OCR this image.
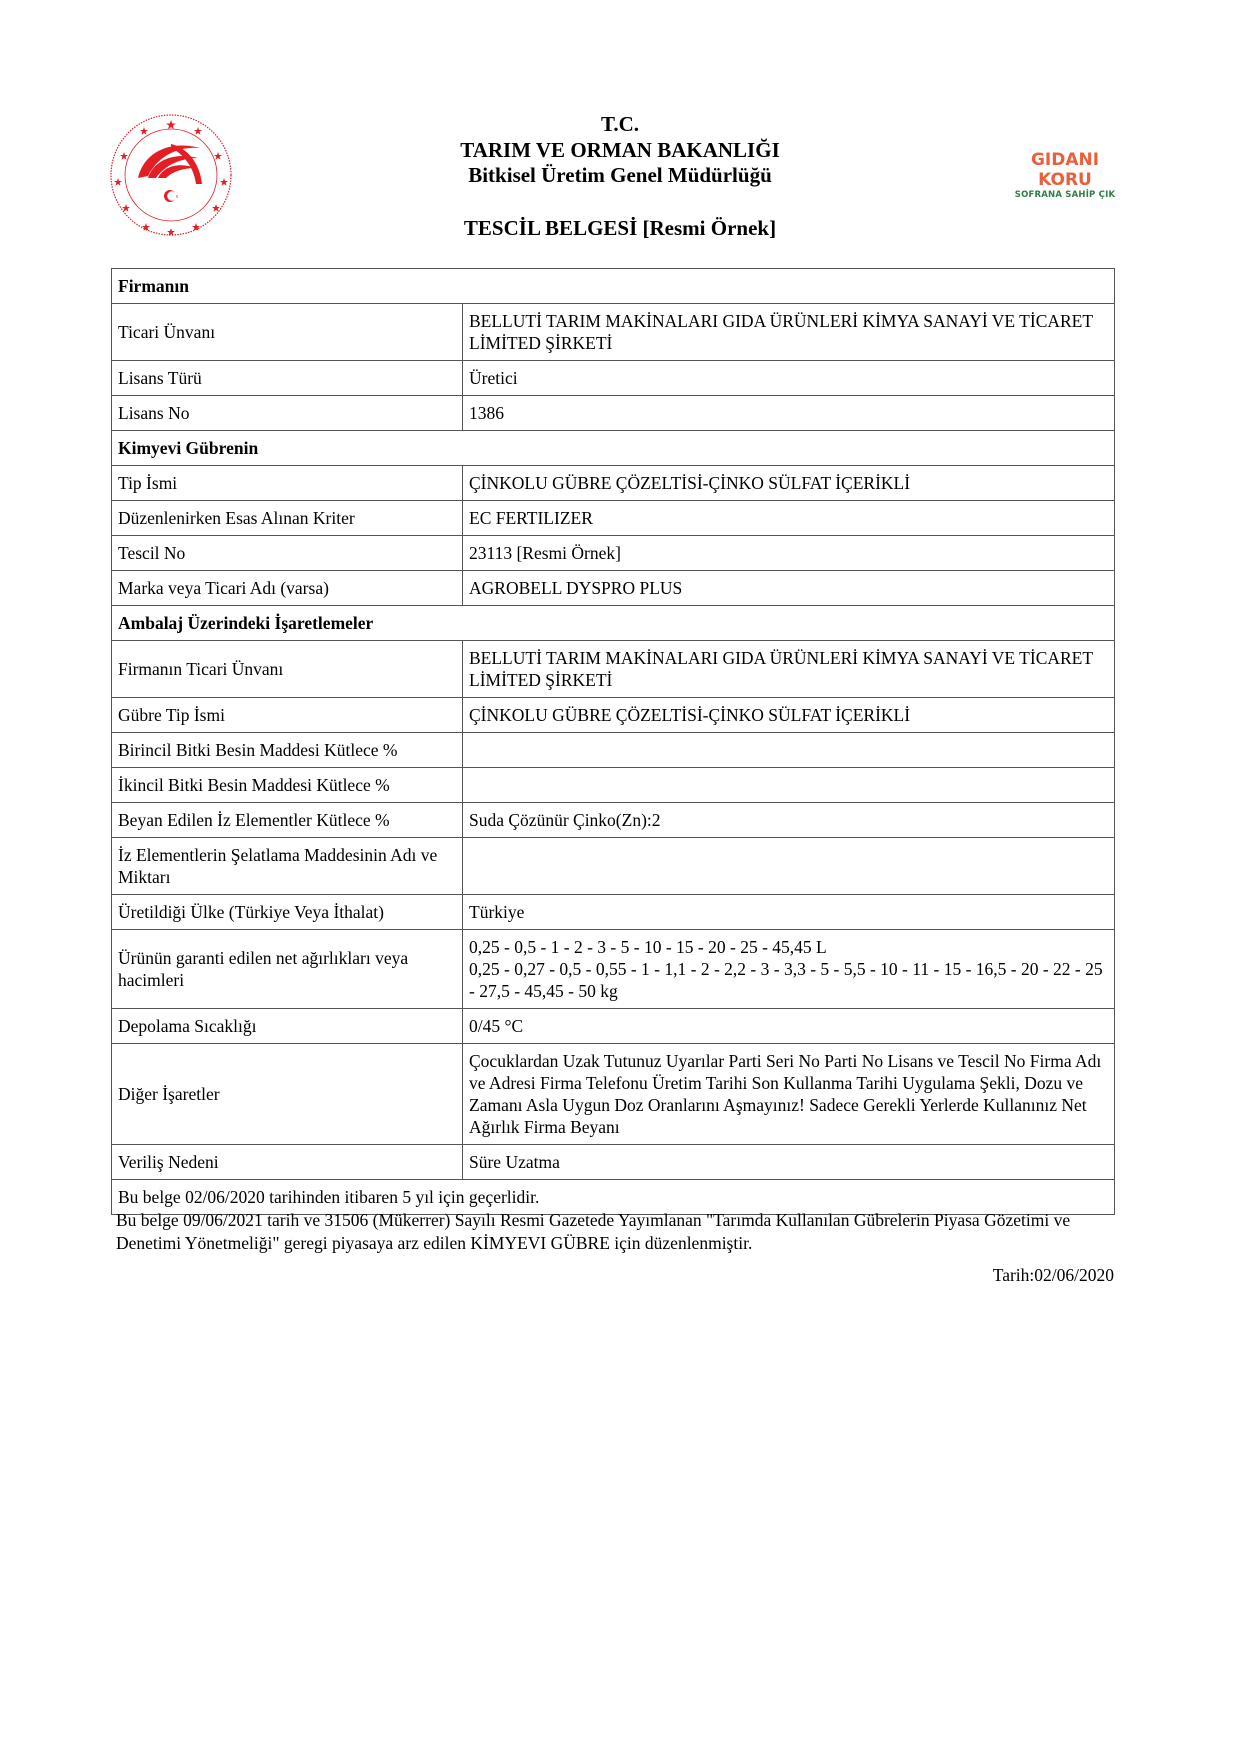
GIDANI KORU
SOFRANA SAHİP ÇIK
T.C.
TARIM VE ORMAN BAKANLIĞI
Bitkisel Üretim Genel Müdürlüğü
TESCİL BELGESİ [Resmi Örnek]
Firmanın	
Ticari Ünvanı	BELLUTİ TARIM MAKİNALARI GIDA ÜRÜNLERİ KİMYA SANAYİ VE TİCARET LİMİTED ŞİRKETİ
Lisans Türü	Üretici
Lisans No	1386
Kimyevi Gübrenin	
Tip İsmi	ÇİNKOLU GÜBRE ÇÖZELTİSİ-ÇİNKO SÜLFAT İÇERİKLİ
Düzenlenirken Esas Alınan Kriter	EC FERTILIZER
Tescil No	23113 [Resmi Örnek]
Marka veya Ticari Adı (varsa)	AGROBELL DYSPRO PLUS
Ambalaj Üzerindeki İşaretlemeler	
Firmanın Ticari Ünvanı	BELLUTİ TARIM MAKİNALARI GIDA ÜRÜNLERİ KİMYA SANAYİ VE TİCARET LİMİTED ŞİRKETİ
Gübre Tip İsmi	ÇİNKOLU GÜBRE ÇÖZELTİSİ-ÇİNKO SÜLFAT İÇERİKLİ
Birincil Bitki Besin Maddesi Kütlece %	
İkincil Bitki Besin Maddesi Kütlece %	
Beyan Edilen İz Elementler Kütlece %	Suda Çözünür Çinko(Zn):2
İz Elementlerin Şelatlama Maddesinin Adı ve Miktarı	
Üretildiği Ülke (Türkiye Veya İthalat)	Türkiye
Ürünün garanti edilen net ağırlıkları veya hacimleri	0,25 - 0,5 - 1 - 2 - 3 - 5 - 10 - 15 - 20 - 25 - 45,45 L
0,25 - 0,27 - 0,5 - 0,55 - 1 - 1,1 - 2 - 2,2 - 3 - 3,3 - 5 - 5,5 - 10 - 11 - 15 - 16,5 - 20 - 22 - 25 - 27,5 - 45,45 - 50 kg

Depolama Sıcaklığı	0/45 °C
Diğer İşaretler	Çocuklardan Uzak Tutunuz Uyarılar Parti Seri No Parti No Lisans ve Tescil No Firma Adı ve Adresi Firma Telefonu Üretim Tarihi Son Kullanma Tarihi Uygulama Şekli, Dozu ve Zamanı Asla Uygun Doz Oranlarını Aşmayınız! Sadece Gerekli Yerlerde Kullanınız Net Ağırlık Firma Beyanı
Veriliş Nedeni	Süre Uzatma
Bu belge 02/06/2020 tarihinden itibaren 5 yıl için geçerlidir.	
Bu belge 09/06/2021 tarih ve 31506 (Mükerrer) Sayılı Resmi Gazetede Yayımlanan "Tarımda Kullanılan Gübrelerin Piyasa Gözetimi ve Denetimi Yönetmeliği" geregi piyasaya arz edilen KİMYEVI GÜBRE için düzenlenmiştir.
Tarih:02/06/2020
